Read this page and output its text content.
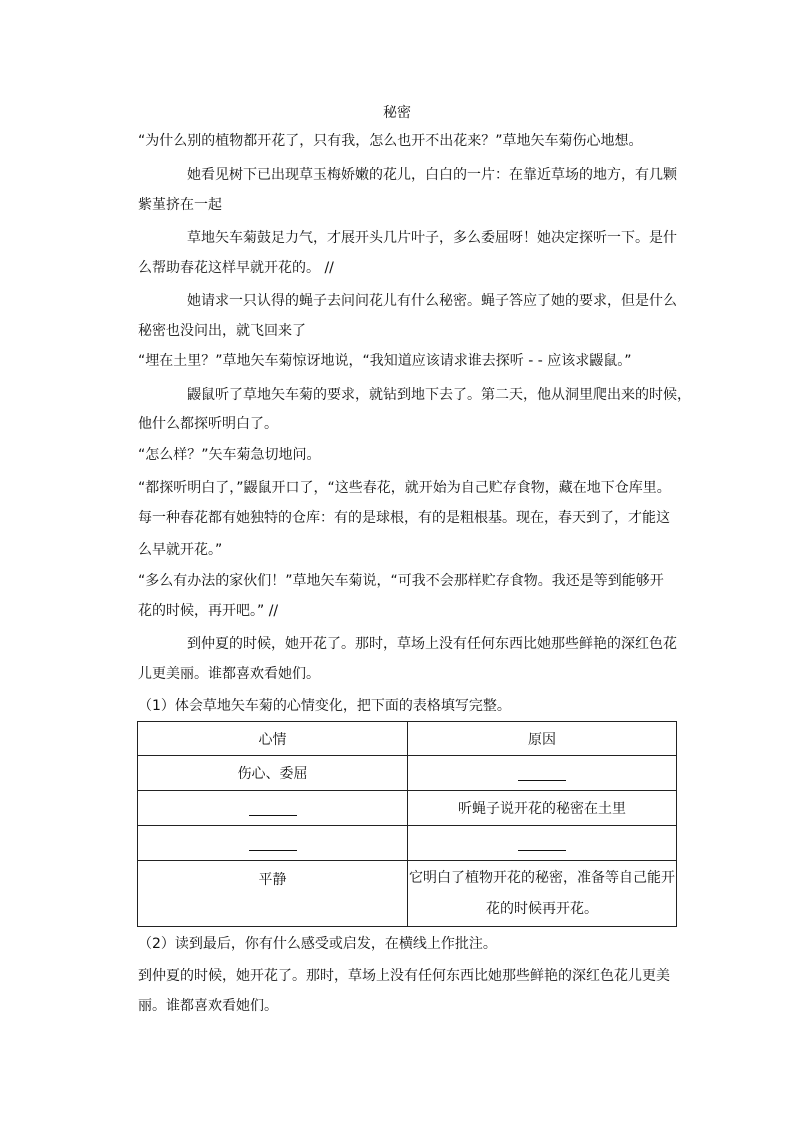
秘密
“为什么别的植物都开花了，只有我，怎么也开不出花来？”草地矢车菊伤心地想。
她看见树下已出现草玉梅娇嫩的花儿，白白的一片：在靠近草场的地方，有几颗
紫堇挤在一起
草地矢车菊鼓足力气，才展开头几片叶子，多么委屈呀！她决定探听一下。是什
么帮助春花这样早就开花的。 //
她请求一只认得的蝇子去问问花儿有什么秘密。蝇子答应了她的要求，但是什么
秘密也没问出，就飞回来了
“埋在土里？”草地矢车菊惊讶地说，“我知道应该请求谁去探听 - - 应该求鼹鼠。”
鼹鼠听了草地矢车菊的要求，就钻到地下去了。第二天，他从洞里爬出来的时候，
他什么都探听明白了。
“怎么样？”矢车菊急切地问。
“都探听明白了，”鼹鼠开口了，“这些春花，就开始为自己贮存食物，藏在地下仓库里。
每一种春花都有她独特的仓库：有的是球根，有的是粗根基。现在，春天到了，才能这
么早就开花。”
“多么有办法的家伙们！”草地矢车菊说，“可我不会那样贮存食物。我还是等到能够开
花的时候，再开吧。” //
到仲夏的时候，她开花了。那时，草场上没有任何东西比她那些鲜艳的深红色花
儿更美丽。谁都喜欢看她们。
（1）体会草地矢车菊的心情变化，把下面的表格填写完整。
心情	原因
伤心、委屈	
	听蝇子说开花的秘密在土里

平静	它明白了植物开花的秘密，准备等自己能开
花的时候再开花。
（2）读到最后，你有什么感受或启发，在横线上作批注。
到仲夏的时候，她开花了。那时，草场上没有任何东西比她那些鲜艳的深红色花儿更美
丽。谁都喜欢看她们。
